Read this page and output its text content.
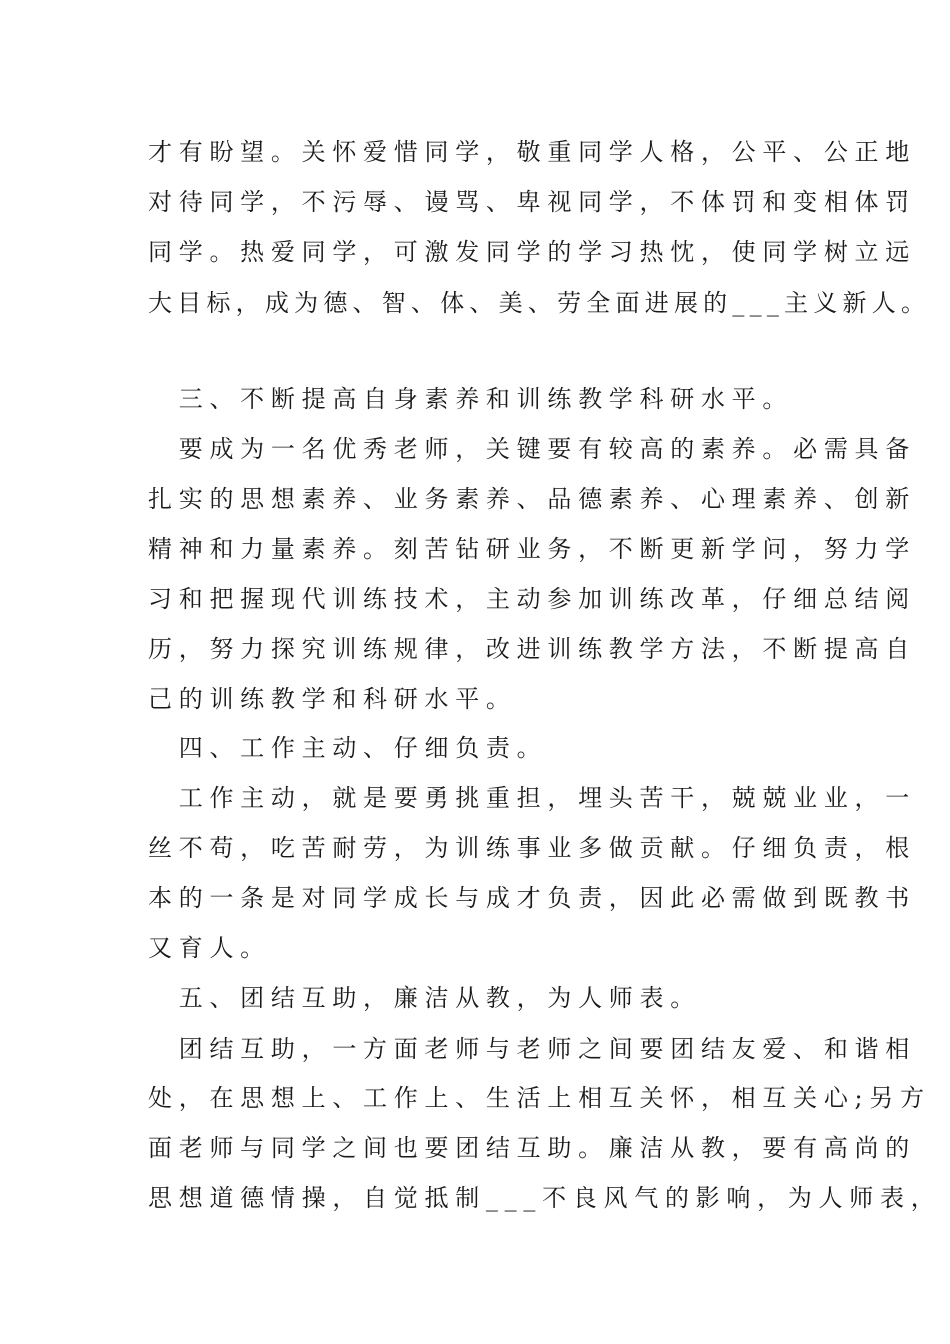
才有盼望。关怀爱惜同学，敬重同学人格，公平、公正地
对待同学，不污辱、谩骂、卑视同学，不体罚和变相体罚
同学。热爱同学，可激发同学的学习热忱，使同学树立远
大目标，成为德、智、体、美、劳全面进展的___主义新人。
　三、不断提高自身素养和训练教学科研水平。
　要成为一名优秀老师，关键要有较高的素养。必需具备
扎实的思想素养、业务素养、品德素养、心理素养、创新
精神和力量素养。刻苦钻研业务，不断更新学问，努力学
习和把握现代训练技术，主动参加训练改革，仔细总结阅
历，努力探究训练规律，改进训练教学方法，不断提高自
己的训练教学和科研水平。
　四、工作主动、仔细负责。
　工作主动，就是要勇挑重担，埋头苦干，兢兢业业，一
丝不苟，吃苦耐劳，为训练事业多做贡献。仔细负责，根
本的一条是对同学成长与成才负责，因此必需做到既教书
又育人。
　五、团结互助，廉洁从教，为人师表。
　团结互助，一方面老师与老师之间要团结友爱、和谐相
处，在思想上、工作上、生活上相互关怀，相互关心;另方
面老师与同学之间也要团结互助。廉洁从教，要有高尚的
思想道德情操，自觉抵制___不良风气的影响，为人师表，
